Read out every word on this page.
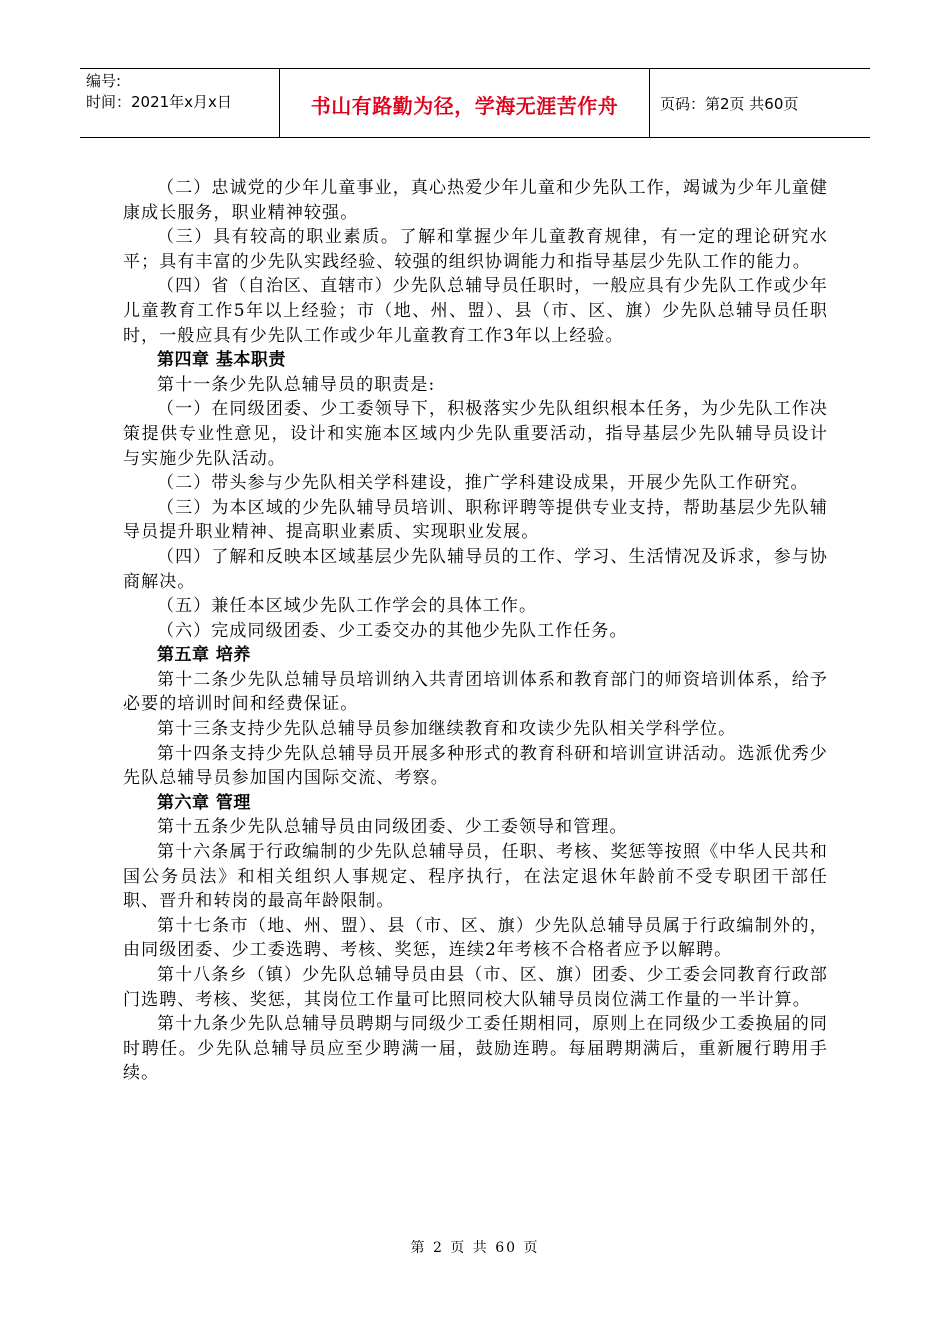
编号:
时间：2021年x月x日	书山有路勤为径，学海无涯苦作舟	页码：第2页 共60页

（二）忠诚党的少年儿童事业，真心热爱少年儿童和少先队工作，竭诚为少年儿童健康成长服务，职业精神较强。

（三）具有较高的职业素质。了解和掌握少年儿童教育规律，有一定的理论研究水平；具有丰富的少先队实践经验、较强的组织协调能力和指导基层少先队工作的能力。

（四）省（自治区、直辖市）少先队总辅导员任职时，一般应具有少先队工作或少年儿童教育工作5年以上经验；市（地、州、盟）、县（市、区、旗）少先队总辅导员任职时，一般应具有少先队工作或少年儿童教育工作3年以上经验。

第四章 基本职责

第十一条少先队总辅导员的职责是:

（一）在同级团委、少工委领导下，积极落实少先队组织根本任务，为少先队工作决策提供专业性意见，设计和实施本区域内少先队重要活动，指导基层少先队辅导员设计与实施少先队活动。

（二）带头参与少先队相关学科建设，推广学科建设成果，开展少先队工作研究。

（三）为本区域的少先队辅导员培训、职称评聘等提供专业支持，帮助基层少先队辅导员提升职业精神、提高职业素质、实现职业发展。

（四）了解和反映本区域基层少先队辅导员的工作、学习、生活情况及诉求，参与协商解决。

（五）兼任本区域少先队工作学会的具体工作。

（六）完成同级团委、少工委交办的其他少先队工作任务。

第五章 培养

第十二条少先队总辅导员培训纳入共青团培训体系和教育部门的师资培训体系，给予必要的培训时间和经费保证。

第十三条支持少先队总辅导员参加继续教育和攻读少先队相关学科学位。

第十四条支持少先队总辅导员开展多种形式的教育科研和培训宣讲活动。选派优秀少先队总辅导员参加国内国际交流、考察。

第六章 管理

第十五条少先队总辅导员由同级团委、少工委领导和管理。

第十六条属于行政编制的少先队总辅导员，任职、考核、奖惩等按照《中华人民共和国公务员法》和相关组织人事规定、程序执行，在法定退休年龄前不受专职团干部任职、晋升和转岗的最高年龄限制。

第十七条市（地、州、盟）、县（市、区、旗）少先队总辅导员属于行政编制外的，由同级团委、少工委选聘、考核、奖惩，连续2年考核不合格者应予以解聘。

第十八条乡（镇）少先队总辅导员由县（市、区、旗）团委、少工委会同教育行政部门选聘、考核、奖惩，其岗位工作量可比照同校大队辅导员岗位满工作量的一半计算。

第十九条少先队总辅导员聘期与同级少工委任期相同，原则上在同级少工委换届的同时聘任。少先队总辅导员应至少聘满一届，鼓励连聘。每届聘期满后，重新履行聘用手续。

第 2 页 共 60 页
